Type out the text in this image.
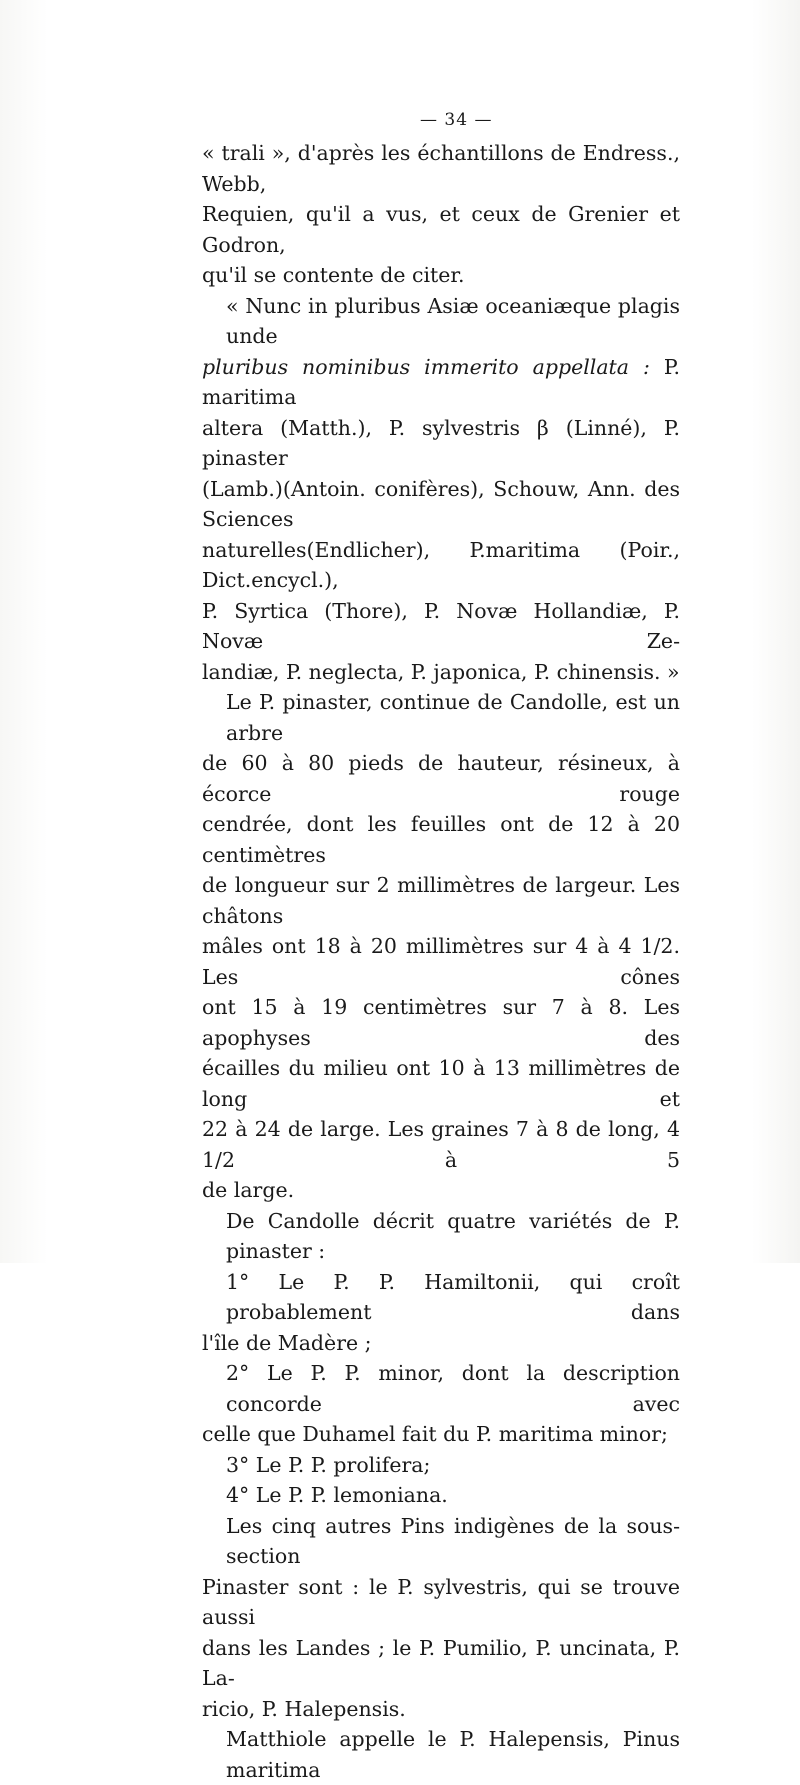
— 34 —
« trali », d'après les échantillons de Endress., Webb,
Requien, qu'il a vus, et ceux de Grenier et Godron,
qu'il se contente de citer.
« Nunc in pluribus Asiæ oceaniæque plagis unde
pluribus nominibus immerito appellata : P. maritima
altera (Matth.), P. sylvestris β (Linné), P. pinaster
(Lamb.)(Antoin. conifères), Schouw, Ann. des Sciences
naturelles(Endlicher), P.maritima (Poir., Dict.encycl.),
P. Syrtica (Thore), P. Novæ Hollandiæ, P. Novæ Ze-
landiæ, P. neglecta, P. japonica, P. chinensis. »
Le P. pinaster, continue de Candolle, est un arbre
de 60 à 80 pieds de hauteur, résineux, à écorce rouge
cendrée, dont les feuilles ont de 12 à 20 centimètres
de longueur sur 2 millimètres de largeur. Les châtons
mâles ont 18 à 20 millimètres sur 4 à 4 1/2. Les cônes
ont 15 à 19 centimètres sur 7 à 8. Les apophyses des
écailles du milieu ont 10 à 13 millimètres de long et
22 à 24 de large. Les graines 7 à 8 de long, 4 1/2 à 5
de large.
De Candolle décrit quatre variétés de P. pinaster :
1° Le P. P. Hamiltonii, qui croît probablement dans
l'île de Madère ;
2° Le P. P. minor, dont la description concorde avec
celle que Duhamel fait du P. maritima minor;
3° Le P. P. prolifera;
4° Le P. P. lemoniana.
Les cinq autres Pins indigènes de la sous-section
Pinaster sont : le P. sylvestris, qui se trouve aussi
dans les Landes ; le P. Pumilio, P. uncinata, P. La-
ricio, P. Halepensis.
Matthiole appelle le P. Halepensis, Pinus maritima
